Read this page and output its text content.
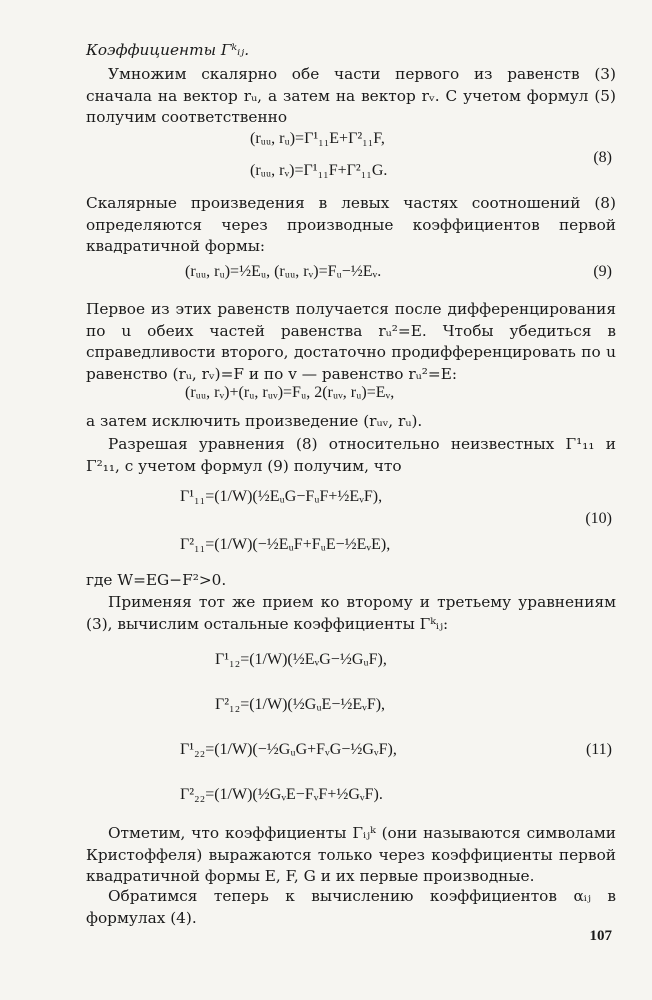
Коэффициенты Γᵏᵢⱼ.
Умножим скалярно обе части первого из равенств (3) сначала на вектор rᵤ, а затем на вектор rᵥ. С учетом формул (5) получим соответственно
(rᵤᵤ, rᵤ)=Γ¹₁₁E+Γ²₁₁F,
(rᵤᵤ, rᵥ)=Γ¹₁₁F+Γ²₁₁G.
(8)
Скалярные произведения в левых частях соотношений (8) определяются через производные коэффициентов первой квадратичной формы:
(rᵤᵤ, rᵤ)=½Eᵤ, (rᵤᵤ, rᵥ)=Fᵤ−½Eᵥ.	(9)
Первое из этих равенств получается после дифференцирования по u обеих частей равенства rᵤ²=E. Чтобы убедиться в справедливости второго, достаточно продифференцировать по u равенство (rᵤ, rᵥ)=F и по v — равенство rᵤ²=E:
(rᵤᵤ, rᵥ)+(rᵤ, rᵤᵥ)=Fᵤ, 2(rᵤᵥ, rᵤ)=Eᵥ,
а затем исключить произведение (rᵤᵥ, rᵤ).
Разрешая уравнения (8) относительно неизвестных Γ¹₁₁ и Γ²₁₁, с учетом формул (9) получим, что
Γ¹₁₁=(1/W)(½EᵤG−FᵤF+½EᵥF),
Γ²₁₁=(1/W)(−½EᵤF+FᵤE−½EᵥE),
(10)
где W=EG−F²>0.
Применяя тот же прием ко второму и третьему уравнениям (3), вычислим остальные коэффициенты Γᵏᵢⱼ:
Γ¹₁₂=(1/W)(½EᵥG−½GᵤF),
Γ²₁₂=(1/W)(½GᵤE−½EᵥF),
Γ¹₂₂=(1/W)(−½GᵤG+FᵥG−½GᵥF),
Γ²₂₂=(1/W)(½GᵥE−FᵥF+½GᵥF).
(11)
Отметим, что коэффициенты Γᵢⱼᵏ (они называются символами Кристоффеля) выражаются только через коэффициенты первой квадратичной формы E, F, G и их первые производные.
Обратимся теперь к вычислению коэффициентов αᵢⱼ в формулах (4).
107
